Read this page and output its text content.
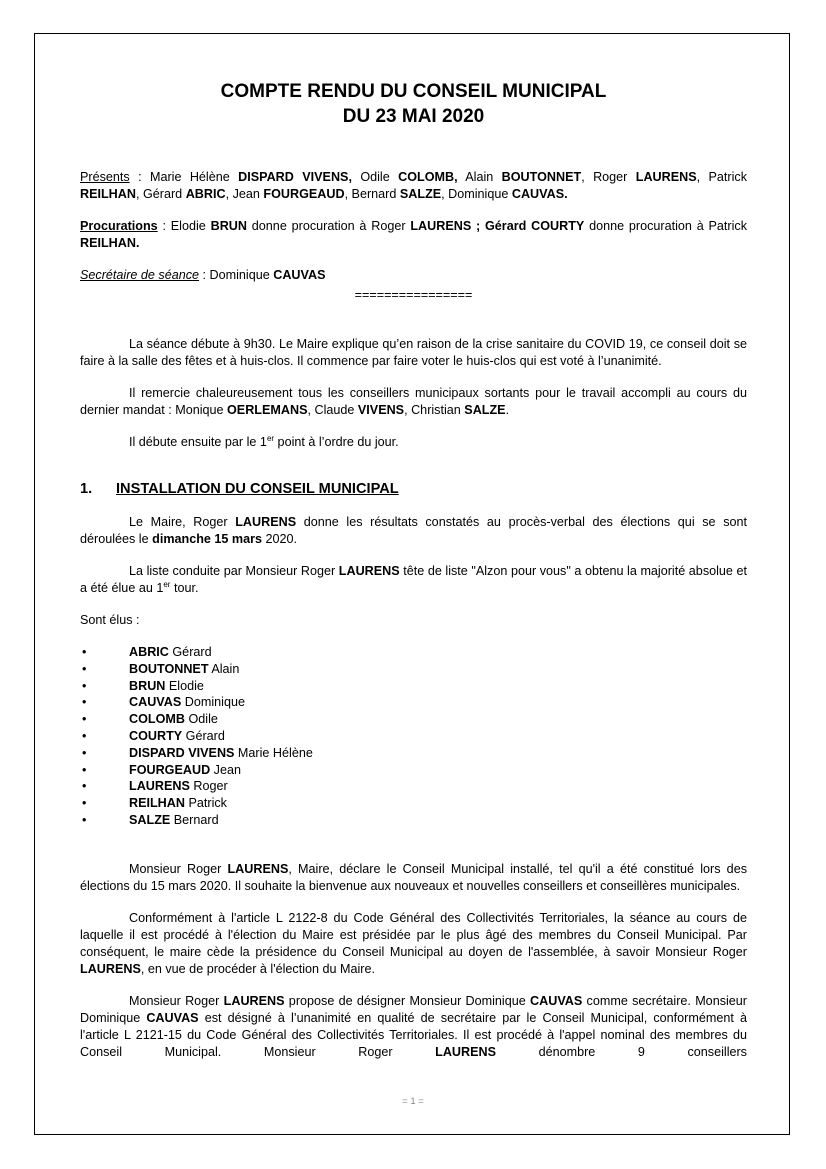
COMPTE RENDU DU CONSEIL MUNICIPAL
DU 23 MAI 2020

Présents : Marie Hélène DISPARD VIVENS, Odile COLOMB, Alain BOUTONNET, Roger LAURENS, Patrick REILHAN, Gérard ABRIC, Jean FOURGEAUD, Bernard SALZE, Dominique CAUVAS.

Procurations : Elodie BRUN donne procuration à Roger LAURENS ; Gérard COURTY donne procuration à Patrick REILHAN.

Secrétaire de séance : Dominique CAUVAS

================

La séance débute à 9h30. Le Maire explique qu’en raison de la crise sanitaire du COVID 19, ce conseil doit se faire à la salle des fêtes et à huis-clos. Il commence par faire voter le huis-clos qui est voté à l’unanimité.

Il remercie chaleureusement tous les conseillers municipaux sortants pour le travail accompli au cours du dernier mandat : Monique OERLEMANS, Claude VIVENS, Christian SALZE.

Il débute ensuite par le 1er point à l’ordre du jour.

1. INSTALLATION DU CONSEIL MUNICIPAL

Le Maire, Roger LAURENS donne les résultats constatés au procès-verbal des élections qui se sont déroulées le dimanche 15 mars 2020.

La liste conduite par Monsieur Roger LAURENS tête de liste "Alzon pour vous" a obtenu la majorité absolue et a été élue au 1er tour.

Sont élus :

•	ABRIC Gérard
•	BOUTONNET Alain
•	BRUN Elodie
•	CAUVAS Dominique
•	COLOMB Odile
•	COURTY Gérard
•	DISPARD VIVENS Marie Hélène
•	FOURGEAUD Jean
•	LAURENS Roger
•	REILHAN Patrick
•	SALZE Bernard

Monsieur Roger LAURENS, Maire, déclare le Conseil Municipal installé, tel qu'il a été constitué lors des élections du 15 mars 2020. Il souhaite la bienvenue aux nouveaux et nouvelles conseillers et conseillères municipales.

Conformément à l'article L 2122-8 du Code Général des Collectivités Territoriales, la séance au cours de laquelle il est procédé à l'élection du Maire est présidée par le plus âgé des membres du Conseil Municipal. Par conséquent, le maire cède la présidence du Conseil Municipal au doyen de l'assemblée, à savoir Monsieur Roger LAURENS, en vue de procéder à l'élection du Maire.

Monsieur Roger LAURENS propose de désigner Monsieur Dominique CAUVAS comme secrétaire. Monsieur Dominique CAUVAS est désigné à l’unanimité en qualité de secrétaire par le Conseil Municipal, conformément à l'article L 2121-15 du Code Général des Collectivités Territoriales. Il est procédé à l'appel nominal des membres du Conseil Municipal. Monsieur Roger LAURENS dénombre 9 conseillers

= 1 =
